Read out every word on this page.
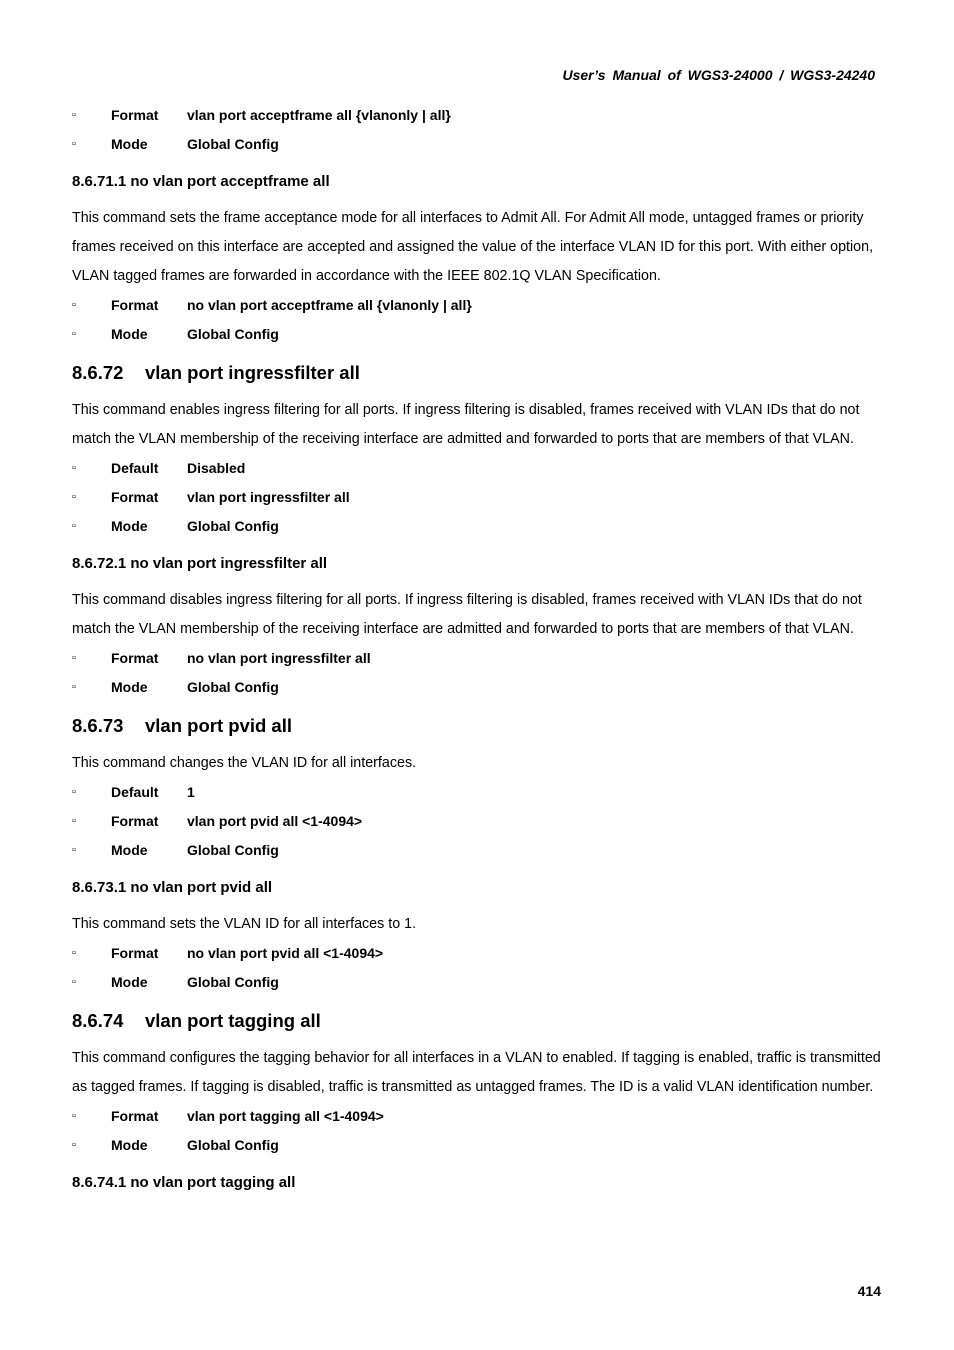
User’s Manual of WGS3-24000 / WGS3-24240
▫	Format vlan port acceptframe all {vlanonly | all}
▫	Mode	Global Config
8.6.71.1 no vlan port acceptframe all

This command sets the frame acceptance mode for all interfaces to Admit All. For Admit All mode, untagged frames or priority frames received on this interface are accepted and assigned the value of the interface VLAN ID for this port. With either option, VLAN tagged frames are forwarded in accordance with the IEEE 802.1Q VLAN Specification.

▫	Format no vlan port acceptframe all {vlanonly | all}
▫	Mode	Global Config
8.6.72 vlan port ingressfilter all

This command enables ingress filtering for all ports. If ingress filtering is disabled, frames received with VLAN IDs that do not match the VLAN membership of the receiving interface are admitted and forwarded to ports that are members of that VLAN.

▫	Default Disabled
▫	Format vlan port ingressfilter all
▫	Mode	Global Config
8.6.72.1 no vlan port ingressfilter all

This command disables ingress filtering for all ports. If ingress filtering is disabled, frames received with VLAN IDs that do not match the VLAN membership of the receiving interface are admitted and forwarded to ports that are members of that VLAN.

▫	Format no vlan port ingressfilter all
▫	Mode	Global Config
8.6.73 vlan port pvid all

This command changes the VLAN ID for all interfaces.

▫	Default 1
▫	Format vlan port pvid all <1-4094>
▫	Mode	Global Config
8.6.73.1 no vlan port pvid all

This command sets the VLAN ID for all interfaces to 1.

▫	Format no vlan port pvid all <1-4094>
▫	Mode	Global Config
8.6.74 vlan port tagging all

This command configures the tagging behavior for all interfaces in a VLAN to enabled. If tagging is enabled, traffic is transmitted as tagged frames. If tagging is disabled, traffic is transmitted as untagged frames. The ID is a valid VLAN identification number.

▫	Format vlan port tagging all <1-4094>
▫	Mode	Global Config
8.6.74.1 no vlan port tagging all
414
